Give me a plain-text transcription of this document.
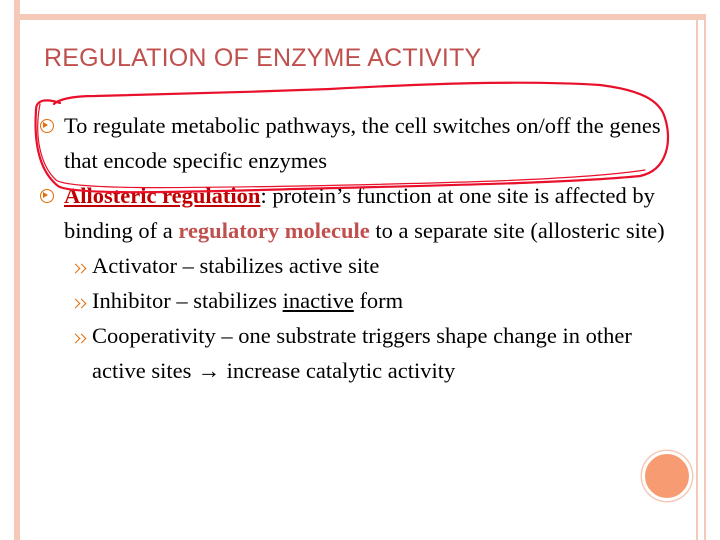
REGULATION OF ENZYME ACTIVITY
To regulate metabolic pathways, the cell switches on/off the genes that encode specific enzymes
Allosteric regulation: protein’s function at one site is affected by binding of a regulatory molecule to a separate site (allosteric site)
Activator – stabilizes active site
Inhibitor – stabilizes inactive form
Cooperativity – one substrate triggers shape change in other active sites → increase catalytic activity
